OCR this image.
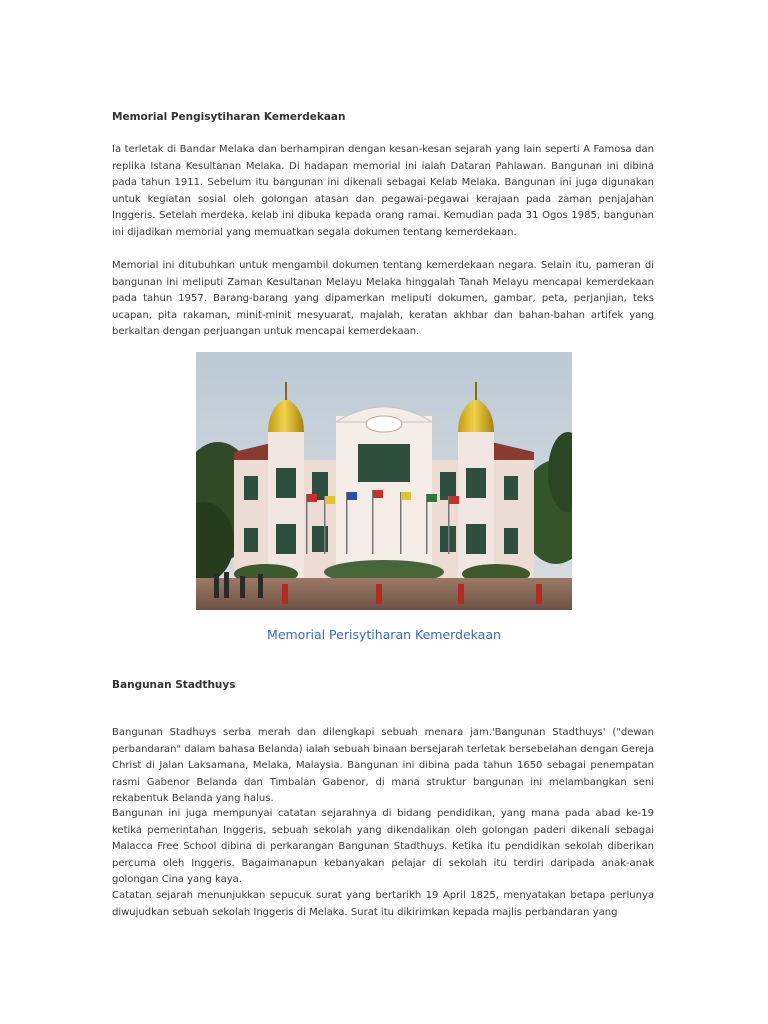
Memorial Pengisytiharan Kemerdekaan
Ia terletak di Bandar Melaka dan berhampiran dengan kesan-kesan sejarah yang lain seperti A Famosa dan replika Istana Kesultanan Melaka. Di hadapan memorial ini ialah Dataran Pahlawan. Bangunan ini dibina pada tahun 1911. Sebelum itu bangunan ini dikenali sebagai Kelab Melaka. Bangunan ini juga digunakan untuk kegiatan sosial oleh golongan atasan dan pegawai-pegawai kerajaan pada zaman penjajahan Inggeris. Setelah merdeka, kelab ini dibuka kepada orang ramai. Kemudian pada 31 Ogos 1985, bangunan ini dijadikan memorial yang memuatkan segala dokumen tentang kemerdekaan.
Memorial ini ditubuhkan untuk mengambil dokumen tentang kemerdekaan negara. Selain itu, pameran di bangunan ini meliputi Zaman Kesultanan Melayu Melaka hinggalah Tanah Melayu mencapai kemerdekaan pada tahun 1957. Barang-barang yang dipamerkan meliputi dokumen, gambar, peta, perjanjian, teks ucapan, pita rakaman, minit-minit mesyuarat, majalah, keratan akhbar dan bahan-bahan artifek yang berkaitan dengan perjuangan untuk mencapai kemerdekaan.
Bangunan Stadthuys
Bangunan Stadhuys serba merah dan dilengkapi sebuah menara jam.'Bangunan Stadthuys' ("dewan perbandaran" dalam bahasa Belanda) ialah sebuah binaan bersejarah terletak bersebelahan dengan Gereja Christ di Jalan Laksamana, Melaka, Malaysia. Bangunan ini dibina pada tahun 1650 sebagai penempatan rasmi Gabenor Belanda dan Timbalan Gabenor, di mana struktur bangunan ini melambangkan seni rekabentuk Belanda yang halus.
Bangunan ini juga mempunyai catatan sejarahnya di bidang pendidikan, yang mana pada abad ke-19 ketika pemerintahan Inggeris, sebuah sekolah yang dikendalikan oleh golongan paderi dikenali sebagai Malacca Free School dibina di perkarangan Bangunan Stadthuys. Ketika itu pendidikan sekolah diberikan percuma oleh Inggeris. Bagaimanapun kebanyakan pelajar di sekolah itu terdiri daripada anak-anak golongan Cina yang kaya.
Catatan sejarah menunjukkan sepucuk surat yang bertarikh 19 April 1825, menyatakan betapa perlunya diwujudkan sebuah sekolah Inggeris di Melaka. Surat itu dikirimkan kepada majlis perbandaran yang
Memorial Perisytiharan Kemerdekaan
